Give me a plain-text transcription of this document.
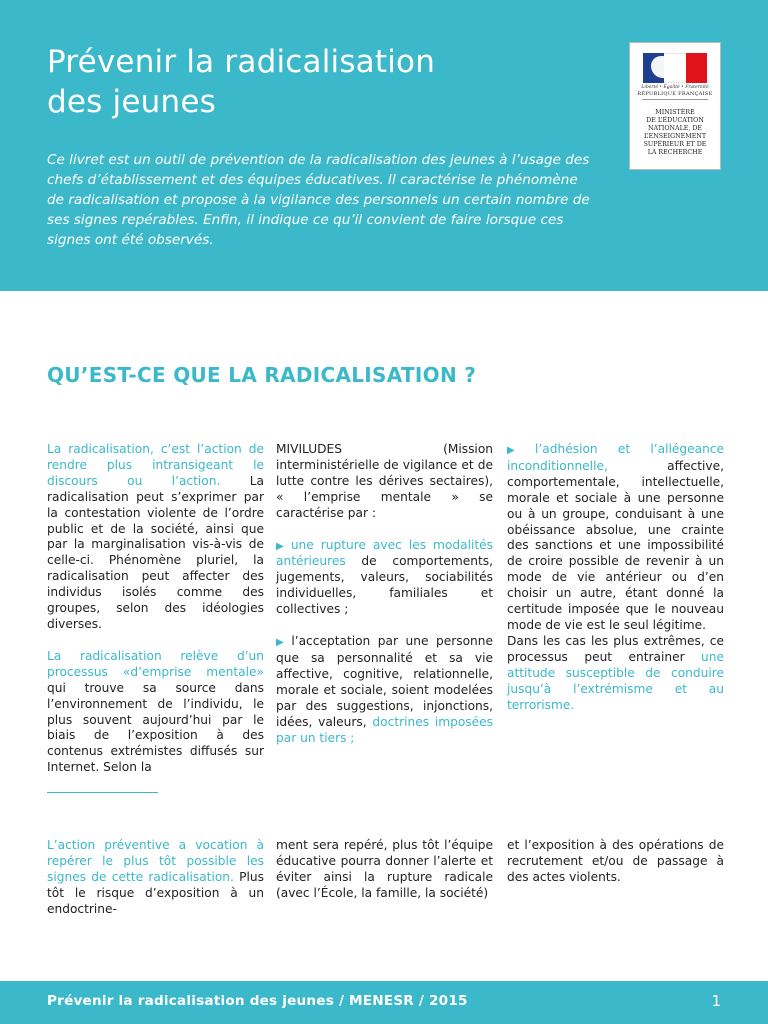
Prévenir la radicalisation
des jeunes

Ce livret est un outil de prévention de la radicalisation des jeunes à l’usage des chefs d’établissement et des équipes éducatives. Il caractérise le phénomène de radicalisation et propose à la vigilance des personnels un certain nombre de ses signes repérables. Enfin, il indique ce qu’il convient de faire lorsque ces signes ont été observés.

Liberté • Égalité • Fraternité
RÉPUBLIQUE FRANÇAISE
MINISTÈRE
DE L’ÉDUCATION
NATIONALE, DE
L’ENSEIGNEMENT
SUPÉRIEUR ET DE
LA RECHERCHE
QU’EST-CE QUE LA RADICALISATION ?

La radicalisation, c’est l’action de rendre plus intransigeant le discours ou l’action. La radicalisation peut s’exprimer par la contestation violente de l’ordre public et de la société, ainsi que par la marginalisation vis-à-vis de celle-ci. Phénomène pluriel, la radicalisation peut affecter des individus isolés comme des groupes, selon des idéologies diverses.

La radicalisation relève d’un processus «d’emprise mentale» qui trouve sa source dans l’environnement de l’individu, le plus souvent aujourd’hui par le biais de l’exposition à des contenus extrémistes diffusés sur Internet. Selon la

MIVILUDES (Mission interministérielle de vigilance et de lutte contre les dérives sectaires), « l’emprise mentale » se caractérise par :

▶ une rupture avec les modalités antérieures de comportements, jugements, valeurs, sociabilités individuelles, familiales et collectives ;

▶ l’acceptation par une personne que sa personnalité et sa vie affective, cognitive, relationnelle, morale et sociale, soient modelées par des suggestions, injonctions, idées, valeurs, doctrines imposées par un tiers ;

▶ l’adhésion et l’allégeance inconditionnelle, affective, comportementale, intellectuelle, morale et sociale à une personne ou à un groupe, conduisant à une obéissance absolue, une crainte des sanctions et une impossibilité de croire possible de revenir à un mode de vie antérieur ou d’en choisir un autre, étant donné la certitude imposée que le nouveau mode de vie est le seul légitime.

Dans les cas les plus extrêmes, ce processus peut entrainer une attitude susceptible de conduire jusqu’à l’extrémisme et au terrorisme.

L’action préventive a vocation à repérer le plus tôt possible les signes de cette radicalisation. Plus tôt le risque d’exposition à un endoctrine-
ment sera repéré, plus tôt l’équipe éducative pourra donner l’alerte et éviter ainsi la rupture radicale (avec l’École, la famille, la société)
et l’exposition à des opérations de recrutement et/ou de passage à des actes violents.
Prévenir la radicalisation des jeunes / MENESR / 2015	1
